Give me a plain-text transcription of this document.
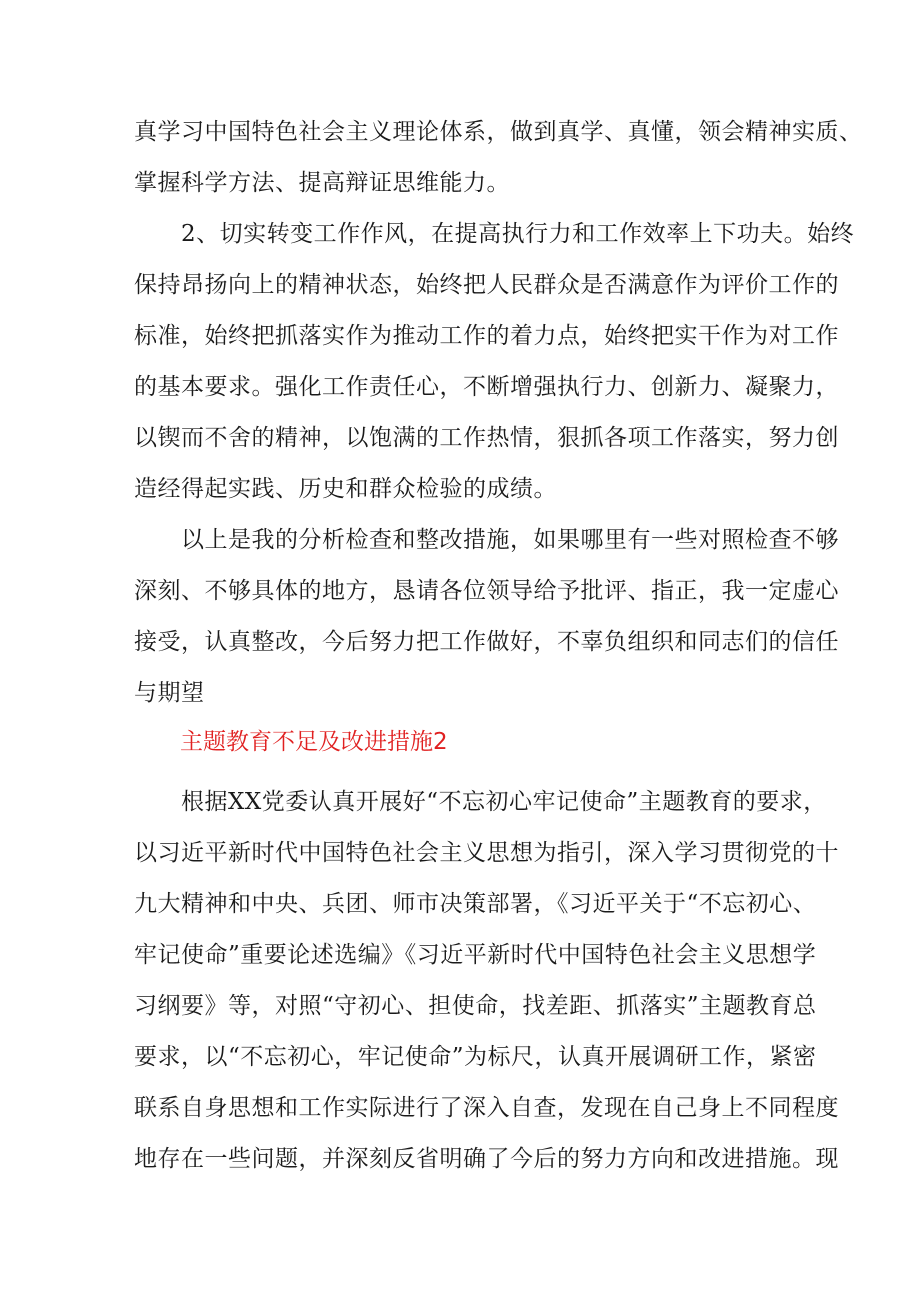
真学习中国特色社会主义理论体系，做到真学、真懂，领会精神实质、
掌握科学方法、提高辩证思维能力。
　　2、切实转变工作作风，在提高执行力和工作效率上下功夫。始终
保持昂扬向上的精神状态，始终把人民群众是否满意作为评价工作的
标准，始终把抓落实作为推动工作的着力点，始终把实干作为对工作
的基本要求。强化工作责任心，不断增强执行力、创新力、凝聚力，
以锲而不舍的精神，以饱满的工作热情，狠抓各项工作落实，努力创
造经得起实践、历史和群众检验的成绩。
　　以上是我的分析检查和整改措施，如果哪里有一些对照检查不够
深刻、不够具体的地方，恳请各位领导给予批评、指正，我一定虚心
接受，认真整改，今后努力把工作做好，不辜负组织和同志们的信任
与期望
主题教育不足及改进措施2
　　根据XX党委认真开展好“不忘初心牢记使命”主题教育的要求，
以习近平新时代中国特色社会主义思想为指引，深入学习贯彻党的十
九大精神和中央、兵团、师市决策部署，《习近平关于“不忘初心、
牢记使命”重要论述选编》《习近平新时代中国特色社会主义思想学
习纲要》等，对照“守初心、担使命，找差距、抓落实”主题教育总
要求，以“不忘初心，牢记使命”为标尺，认真开展调研工作，紧密
联系自身思想和工作实际进行了深入自查，发现在自己身上不同程度
地存在一些问题，并深刻反省明确了今后的努力方向和改进措施。现
